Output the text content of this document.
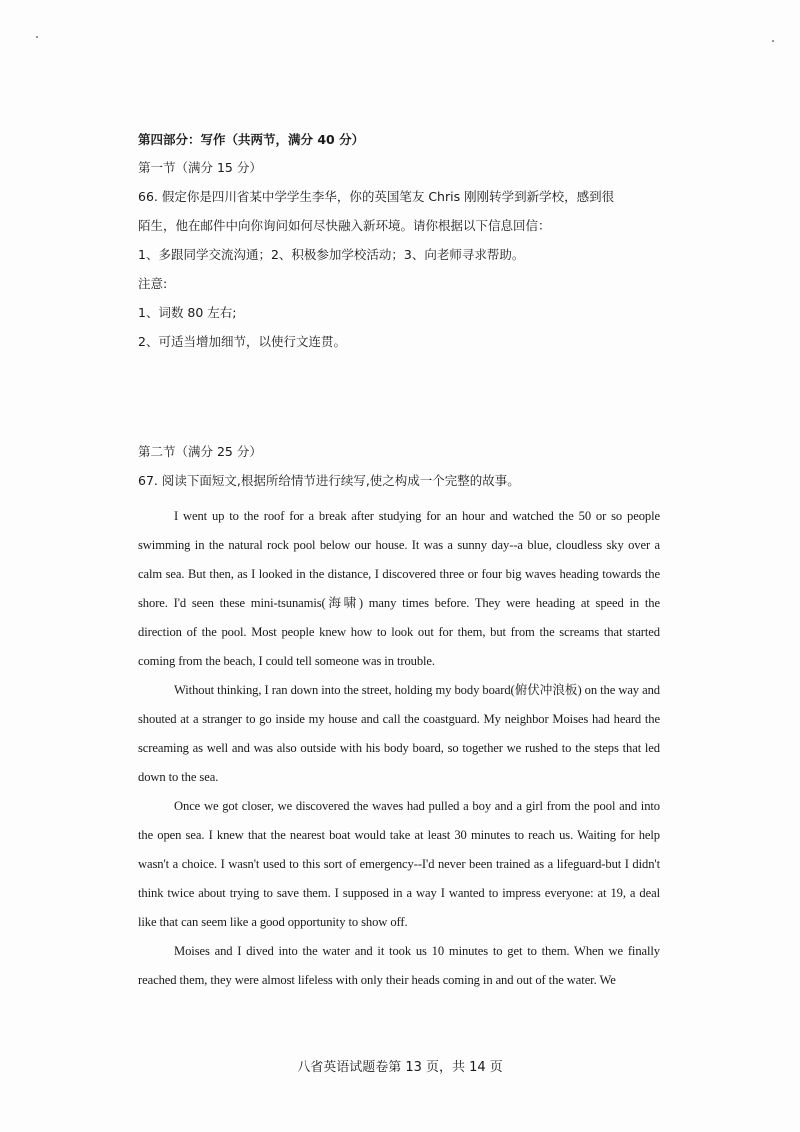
第四部分：写作（共两节，满分 40 分）
第一节（满分 15 分）
66. 假定你是四川省某中学学生李华，你的英国笔友 Chris 刚刚转学到新学校，感到很
陌生，他在邮件中向你询问如何尽快融入新环境。请你根据以下信息回信：
1、多跟同学交流沟通；2、积极参加学校活动；3、向老师寻求帮助。
注意:
1、词数 80 左右;
2、可适当增加细节，以使行文连贯。
第二节（满分 25 分）
67. 阅读下面短文,根据所给情节进行续写,使之构成一个完整的故事。
I went up to the roof for a break after studying for an hour and watched the 50 or so people swimming in the natural rock pool below our house. It was a sunny day--a blue, cloudless sky over a calm sea. But then, as I looked in the distance, I discovered three or four big waves heading towards the shore. I'd seen these mini-tsunamis(海啸) many times before. They were heading at speed in the direction of the pool. Most people knew how to look out for them, but from the screams that started coming from the beach, I could tell someone was in trouble.
Without thinking, I ran down into the street, holding my body board(俯伏冲浪板) on the way and shouted at a stranger to go inside my house and call the coastguard. My neighbor Moises had heard the screaming as well and was also outside with his body board, so together we rushed to the steps that led down to the sea.
Once we got closer, we discovered the waves had pulled a boy and a girl from the pool and into the open sea. I knew that the nearest boat would take at least 30 minutes to reach us. Waiting for help wasn't a choice. I wasn't used to this sort of emergency--I'd never been trained as a lifeguard-but I didn't think twice about trying to save them. I supposed in a way I wanted to impress everyone: at 19, a deal like that can seem like a good opportunity to show off.
Moises and I dived into the water and it took us 10 minutes to get to them. When we finally reached them, they were almost lifeless with only their heads coming in and out of the water. We
八省英语试题卷第 13 页，共 14 页
